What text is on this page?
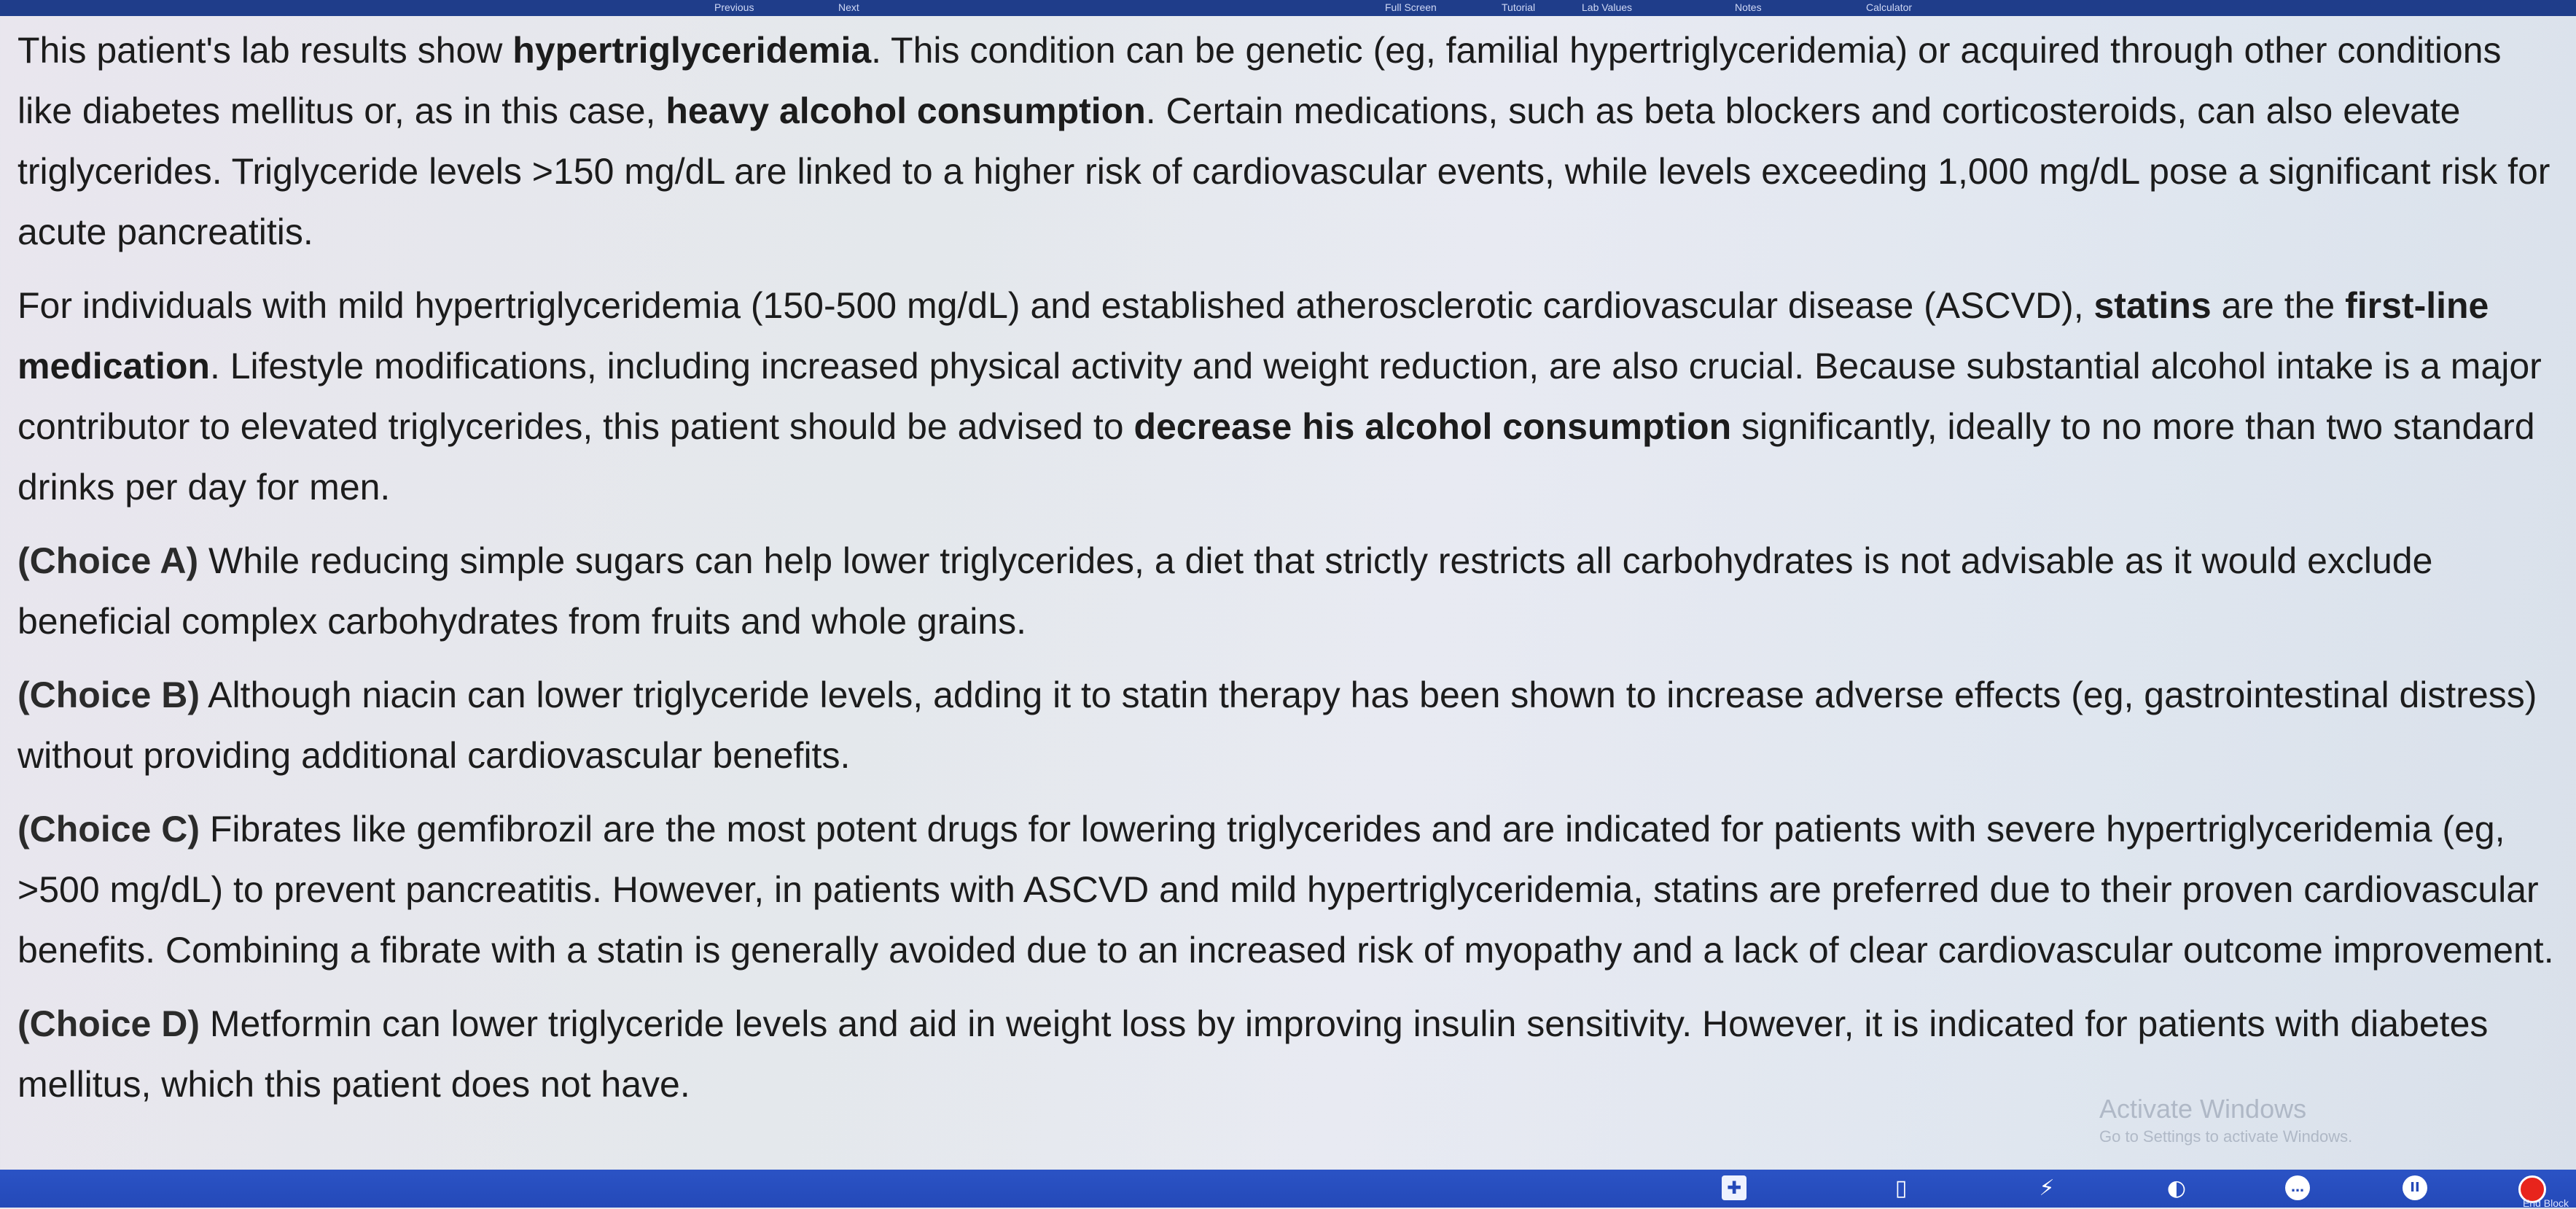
Previous	Next	Full Screen	Tutorial	Lab Values	Notes	Calculator

This patient's lab results show hypertriglyceridemia. This condition can be genetic (eg, familial hypertriglyceridemia) or acquired through other conditions like diabetes mellitus or, as in this case, heavy alcohol consumption. Certain medications, such as beta blockers and corticosteroids, can also elevate triglycerides. Triglyceride levels >150 mg/dL are linked to a higher risk of cardiovascular events, while levels exceeding 1,000 mg/dL pose a significant risk for acute pancreatitis.

For individuals with mild hypertriglyceridemia (150-500 mg/dL) and established atherosclerotic cardiovascular disease (ASCVD), statins are the first-line medication. Lifestyle modifications, including increased physical activity and weight reduction, are also crucial. Because substantial alcohol intake is a major contributor to elevated triglycerides, this patient should be advised to decrease his alcohol consumption significantly, ideally to no more than two standard drinks per day for men.

(Choice A) While reducing simple sugars can help lower triglycerides, a diet that strictly restricts all carbohydrates is not advisable as it would exclude beneficial complex carbohydrates from fruits and whole grains.

(Choice B) Although niacin can lower triglyceride levels, adding it to statin therapy has been shown to increase adverse effects (eg, gastrointestinal distress) without providing additional cardiovascular benefits.

(Choice C) Fibrates like gemfibrozil are the most potent drugs for lowering triglycerides and are indicated for patients with severe hypertriglyceridemia (eg, >500 mg/dL) to prevent pancreatitis. However, in patients with ASCVD and mild hypertriglyceridemia, statins are preferred due to their proven cardiovascular benefits. Combining a fibrate with a statin is generally avoided due to an increased risk of myopathy and a lack of clear cardiovascular outcome improvement.

(Choice D) Metformin can lower triglyceride levels and aid in weight loss by improving insulin sensitivity. However, it is indicated for patients with diabetes mellitus, which this patient does not have.

Activate Windows
Go to Settings to activate Windows.
✚	▯	⚡	◐	…	II
End Block
